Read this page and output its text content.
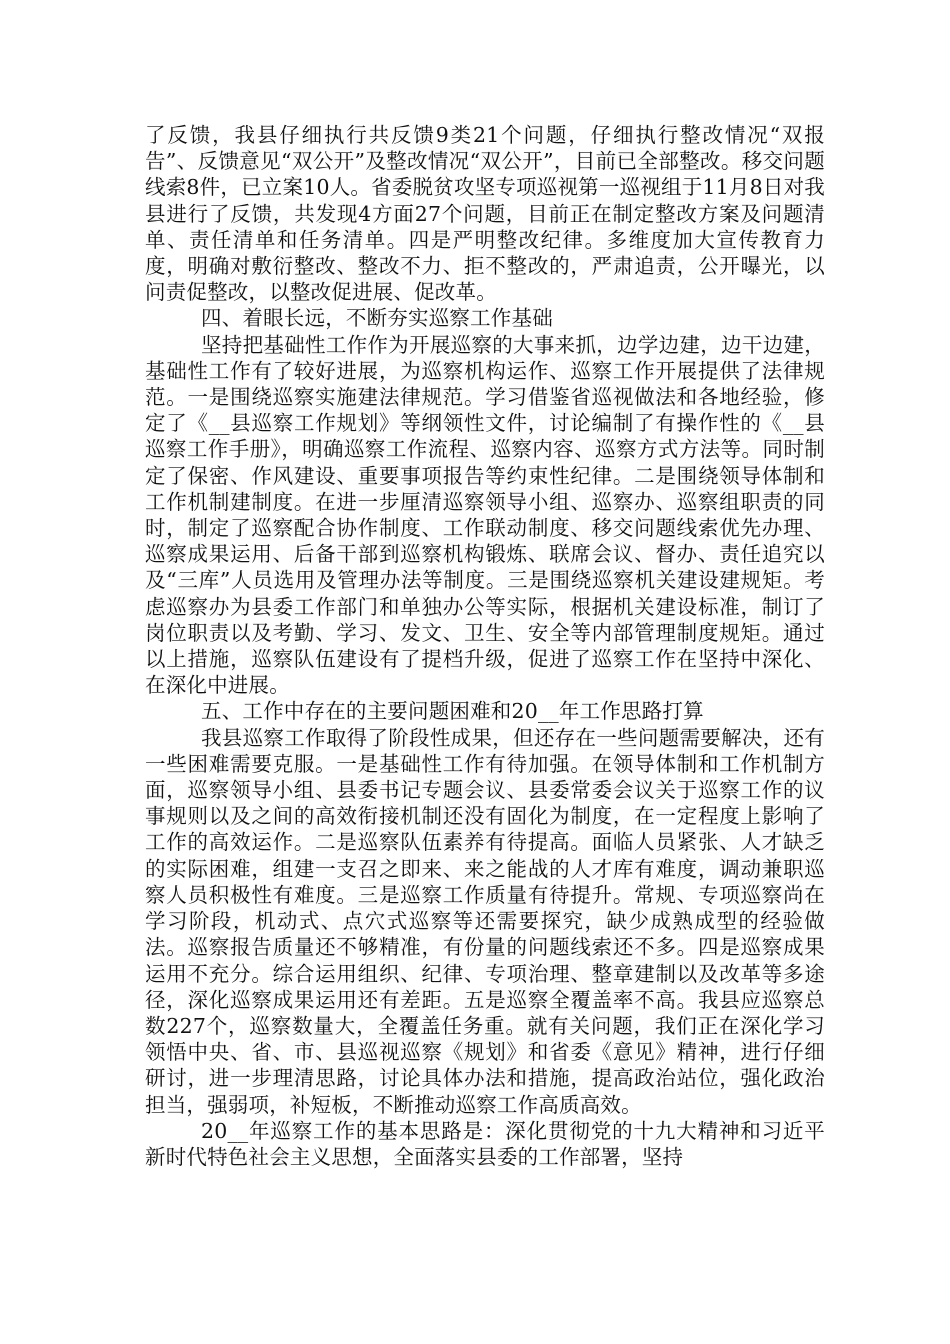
了反馈，我县仔细执行共反馈9类21个问题，仔细执行整改情况“双报告”、反馈意见“双公开”及整改情况“双公开”，目前已全部整改。移交问题线索8件，已立案10人。省委脱贫攻坚专项巡视第一巡视组于11月8日对我县进行了反馈，共发现4方面27个问题，目前正在制定整改方案及问题清单、责任清单和任务清单。四是严明整改纪律。多维度加大宣传教育力度，明确对敷衍整改、整改不力、拒不整改的，严肃追责，公开曝光，以问责促整改，以整改促进展、促改革。

四、着眼长远，不断夯实巡察工作基础

坚持把基础性工作作为开展巡察的大事来抓，边学边建，边干边建，基础性工作有了较好进展，为巡察机构运作、巡察工作开展提供了法律规范。一是围绕巡察实施建法律规范。学习借鉴省巡视做法和各地经验，修定了《__县巡察工作规划》等纲领性文件，讨论编制了有操作性的《__县巡察工作手册》，明确巡察工作流程、巡察内容、巡察方式方法等。同时制定了保密、作风建设、重要事项报告等约束性纪律。二是围绕领导体制和工作机制建制度。在进一步厘清巡察领导小组、巡察办、巡察组职责的同时，制定了巡察配合协作制度、工作联动制度、移交问题线索优先办理、巡察成果运用、后备干部到巡察机构锻炼、联席会议、督办、责任追究以及“三库”人员选用及管理办法等制度。三是围绕巡察机关建设建规矩。考虑巡察办为县委工作部门和单独办公等实际，根据机关建设标准，制订了岗位职责以及考勤、学习、发文、卫生、安全等内部管理制度规矩。通过以上措施，巡察队伍建设有了提档升级，促进了巡察工作在坚持中深化、在深化中进展。

五、工作中存在的主要问题困难和20__年工作思路打算

我县巡察工作取得了阶段性成果，但还存在一些问题需要解决，还有一些困难需要克服。一是基础性工作有待加强。在领导体制和工作机制方面，巡察领导小组、县委书记专题会议、县委常委会议关于巡察工作的议事规则以及之间的高效衔接机制还没有固化为制度，在一定程度上影响了工作的高效运作。二是巡察队伍素养有待提高。面临人员紧张、人才缺乏的实际困难，组建一支召之即来、来之能战的人才库有难度，调动兼职巡察人员积极性有难度。三是巡察工作质量有待提升。常规、专项巡察尚在学习阶段，机动式、点穴式巡察等还需要探究，缺少成熟成型的经验做法。巡察报告质量还不够精准，有份量的问题线索还不多。四是巡察成果运用不充分。综合运用组织、纪律、专项治理、整章建制以及改革等多途径，深化巡察成果运用还有差距。五是巡察全覆盖率不高。我县应巡察总数227个，巡察数量大，全覆盖任务重。就有关问题，我们正在深化学习领悟中央、省、市、县巡视巡察《规划》和省委《意见》精神，进行仔细研讨，进一步理清思路，讨论具体办法和措施，提高政治站位，强化政治担当，强弱项，补短板，不断推动巡察工作高质高效。

20__年巡察工作的基本思路是：深化贯彻党的十九大精神和习近平新时代特色社会主义思想，全面落实县委的工作部署，坚持
